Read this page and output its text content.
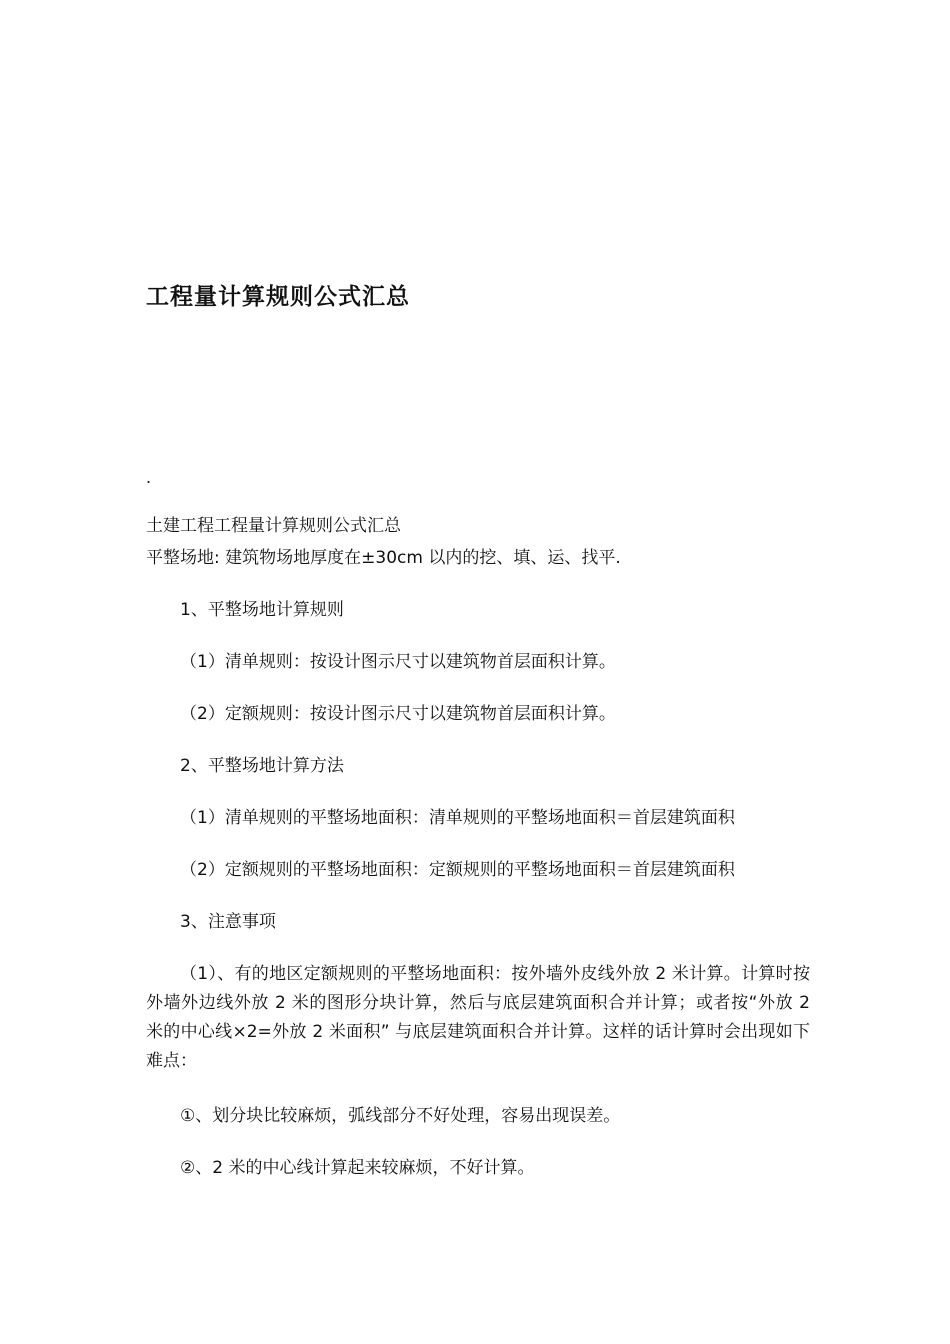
工程量计算规则公式汇总
.
土建工程工程量计算规则公式汇总
平整场地: 建筑物场地厚度在±30cm 以内的挖、填、运、找平.
1、平整场地计算规则
（1）清单规则：按设计图示尺寸以建筑物首层面积计算。
（2）定额规则：按设计图示尺寸以建筑物首层面积计算。
2、平整场地计算方法
（1）清单规则的平整场地面积：清单规则的平整场地面积＝首层建筑面积
（2）定额规则的平整场地面积：定额规则的平整场地面积＝首层建筑面积
3、注意事项
（1）、有的地区定额规则的平整场地面积：按外墙外皮线外放 2 米计算。计算时按外墙外边线外放 2 米的图形分块计算，然后与底层建筑面积合并计算；或者按“外放 2 米的中心线×2=外放 2 米面积” 与底层建筑面积合并计算。这样的话计算时会出现如下难点：
①、划分块比较麻烦，弧线部分不好处理，容易出现误差。
②、2 米的中心线计算起来较麻烦，不好计算。
